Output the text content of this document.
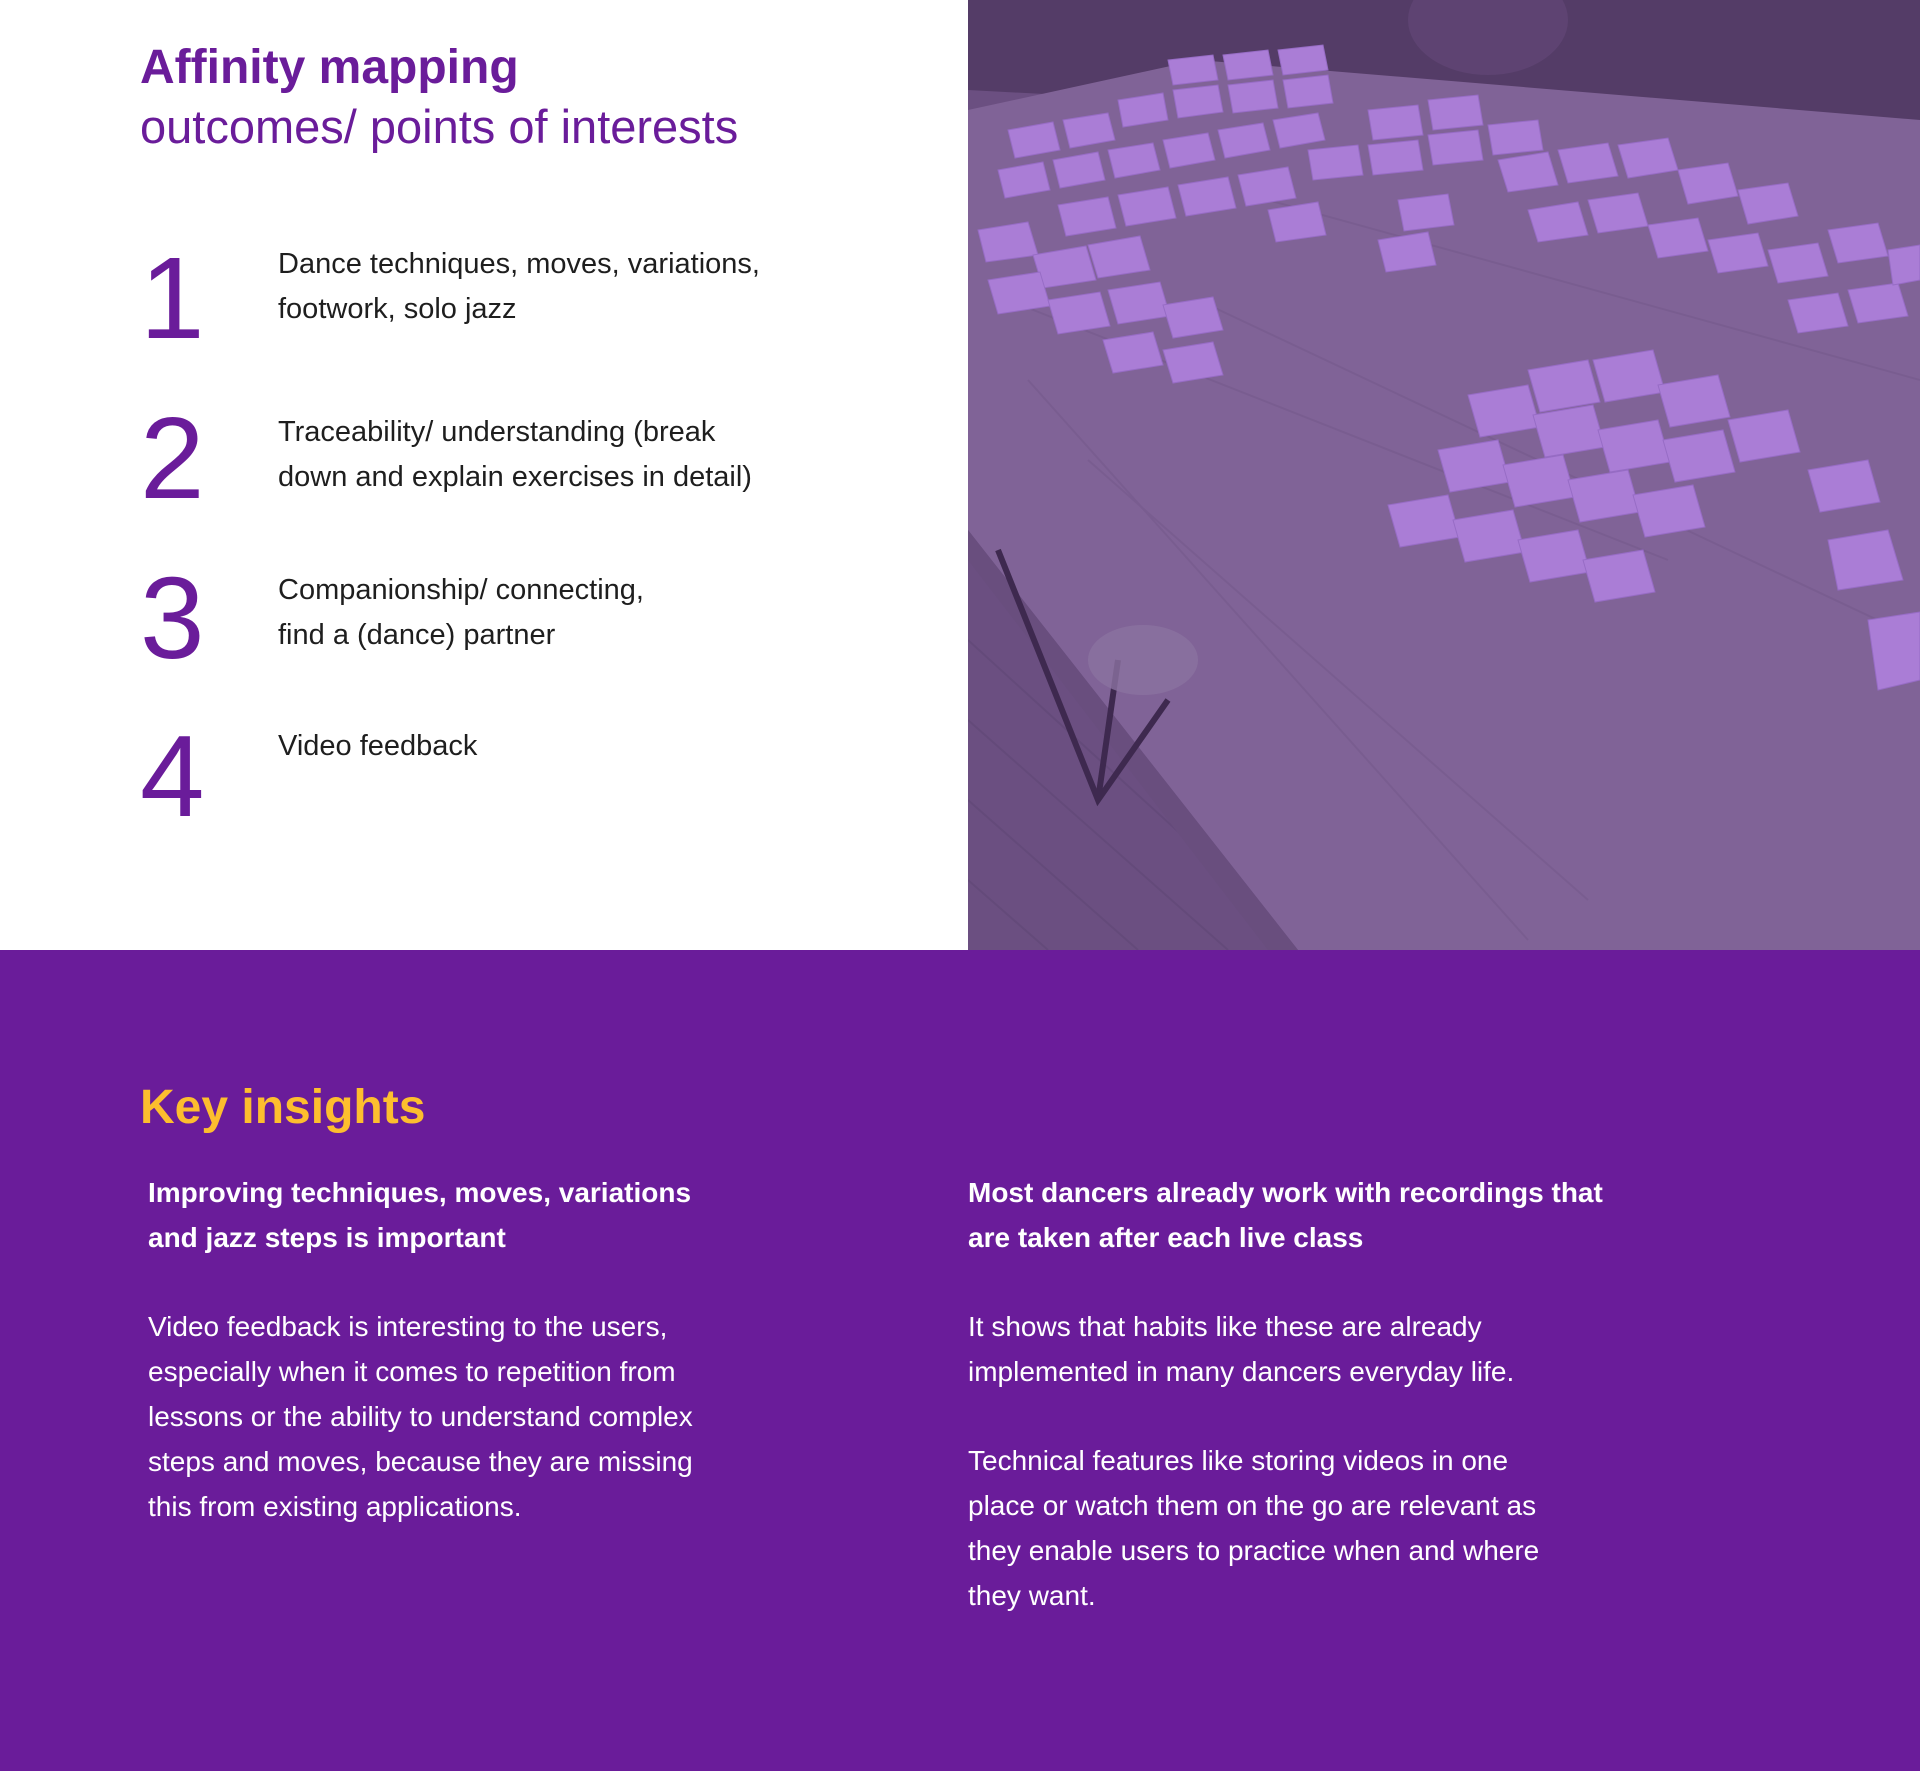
Affinity mapping

outcomes/ points of interests

1	Dance techniques, moves, variations,
footwork, solo jazz
2	Traceability/ understanding (break
down and explain exercises in detail)
3	Companionship/ connecting,
find a (dance) partner
4	Video feedback
Key insights

Improving techniques, moves, variations
and jazz steps is important

Video feedback is interesting to the users,
especially when it comes to repetition from
lessons or the ability to understand complex
steps and moves, because they are missing
this from existing applications.

Most dancers already work with recordings that
are taken after each live class

It shows that habits like these are already
implemented in many dancers everyday life.

Technical features like storing videos in one
place or watch them on the go are relevant as
they enable users to practice when and where
they want.
